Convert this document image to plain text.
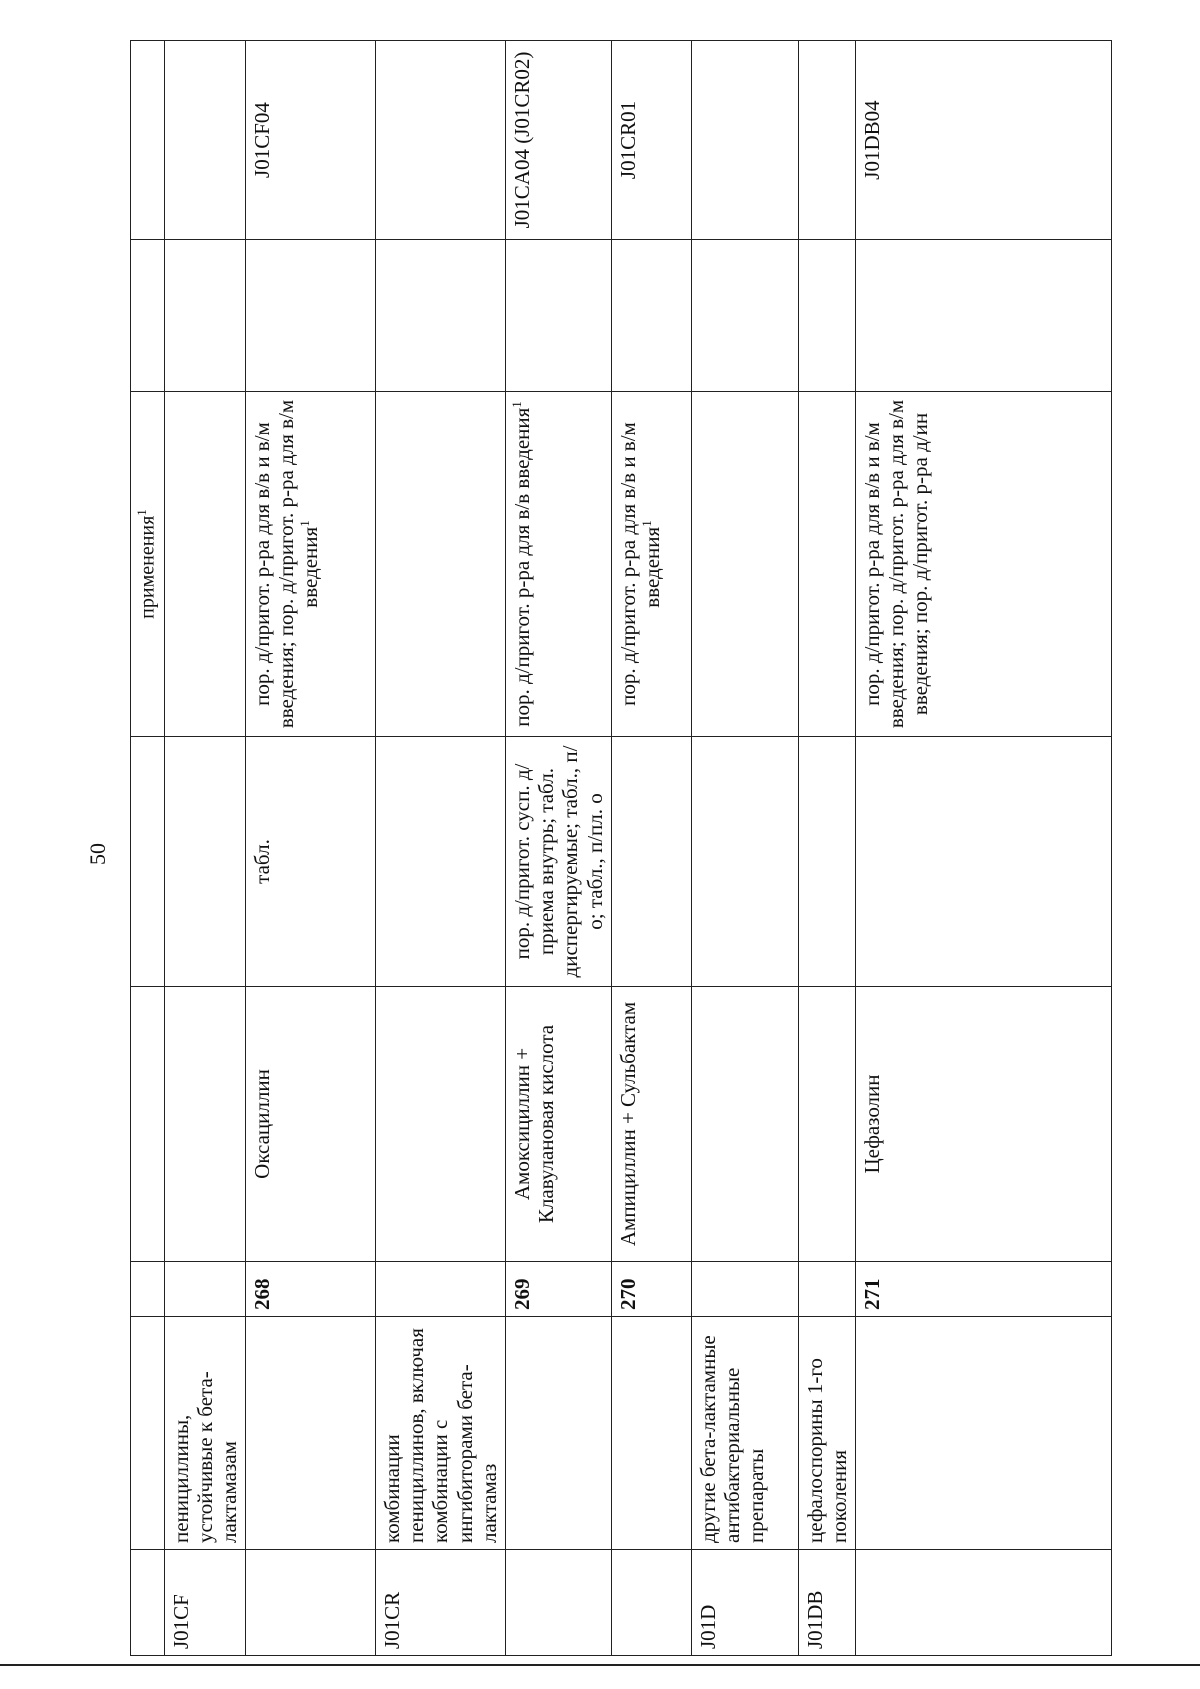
50
					применения$^1$		
J01CF	пенициллины, устойчивые к бета-лактамазам						
		268	Оксациллин	табл.	пор. д/пригот. р-ра для в/в и в/м введения; пор. д/пригот. р-ра для в/м введения$^1$		J01CF04
J01CR	комбинации пенициллинов, включая комбинации с ингибиторами бета-лактамаз						
		269	Амоксициллин + Клавулановая кислота	пор. д/пригот. сусп. д/приема внутрь; табл. диспергируемые; табл., п/о; табл., п/пл. о	пор. д/пригот. р-ра для в/в введения$^1$		J01CA04 (J01CR02)
		270	Ампициллин + Сульбактам		пор. д/пригот. р-ра для в/в и в/м введения$^1$		J01CR01
J01D	другие бета-лактамные антибактериальные препараты						
J01DB	цефалоспорины 1-го поколения						
		271	Цефазолин		пор. д/пригот. р-ра для в/в и в/м введения; пор. д/пригот. р-ра для в/м введения; пор. д/пригот. р-ра д/ин		J01DB04
